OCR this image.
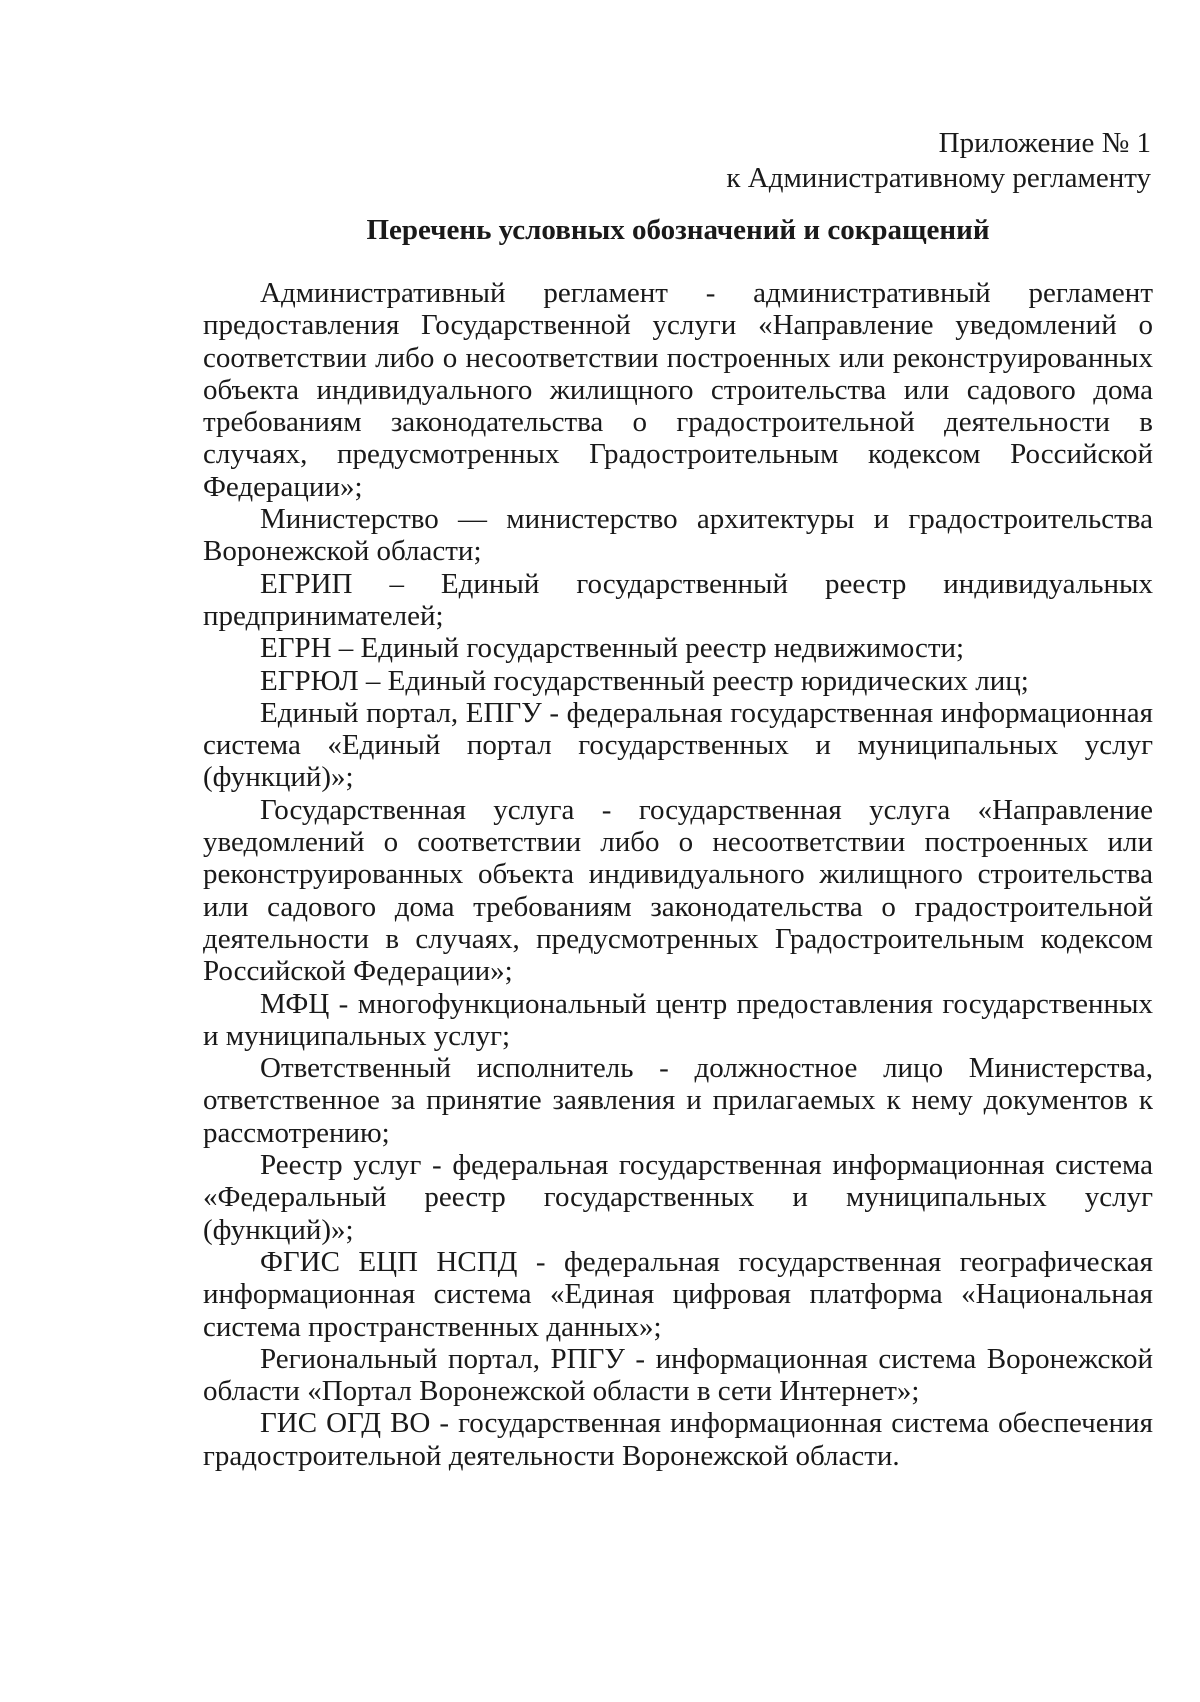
Приложение № 1
к Административному регламенту
Перечень условных обозначений и сокращений

Административный регламент - административный регламент предоставления Государственной услуги «Направление уведомлений о соответствии либо о несоответствии построенных или реконструированных объекта индивидуального жилищного строительства или садового дома требованиям законодательства о градостроительной деятельности в случаях, предусмотренных Градостроительным кодексом Российской Федерации»;

Министерство — министерство архитектуры и градостроительства Воронежской области;

ЕГРИП – Единый государственный реестр индивидуальных предпринимателей;

ЕГРН – Единый государственный реестр недвижимости;

ЕГРЮЛ – Единый государственный реестр юридических лиц;

Единый портал, ЕПГУ - федеральная государственная информационная система «Единый портал государственных и муниципальных услуг (функций)»;

Государственная услуга - государственная услуга «Направление уведомлений о соответствии либо о несоответствии построенных или реконструированных объекта индивидуального жилищного строительства или садового дома требованиям законодательства о градостроительной деятельности в случаях, предусмотренных Градостроительным кодексом Российской Федерации»;

МФЦ - многофункциональный центр предоставления государственных и муниципальных услуг;

Ответственный исполнитель - должностное лицо Министерства, ответственное за принятие заявления и прилагаемых к нему документов к рассмотрению;

Реестр услуг - федеральная государственная информационная система «Федеральный реестр государственных и муниципальных услуг (функций)»;

ФГИС ЕЦП НСПД - федеральная государственная географическая информационная система «Единая цифровая платформа «Национальная система пространственных данных»;

Региональный портал, РПГУ - информационная система Воронежской области «Портал Воронежской области в сети Интернет»;

ГИС ОГД ВО - государственная информационная система обеспечения градостроительной деятельности Воронежской области.
